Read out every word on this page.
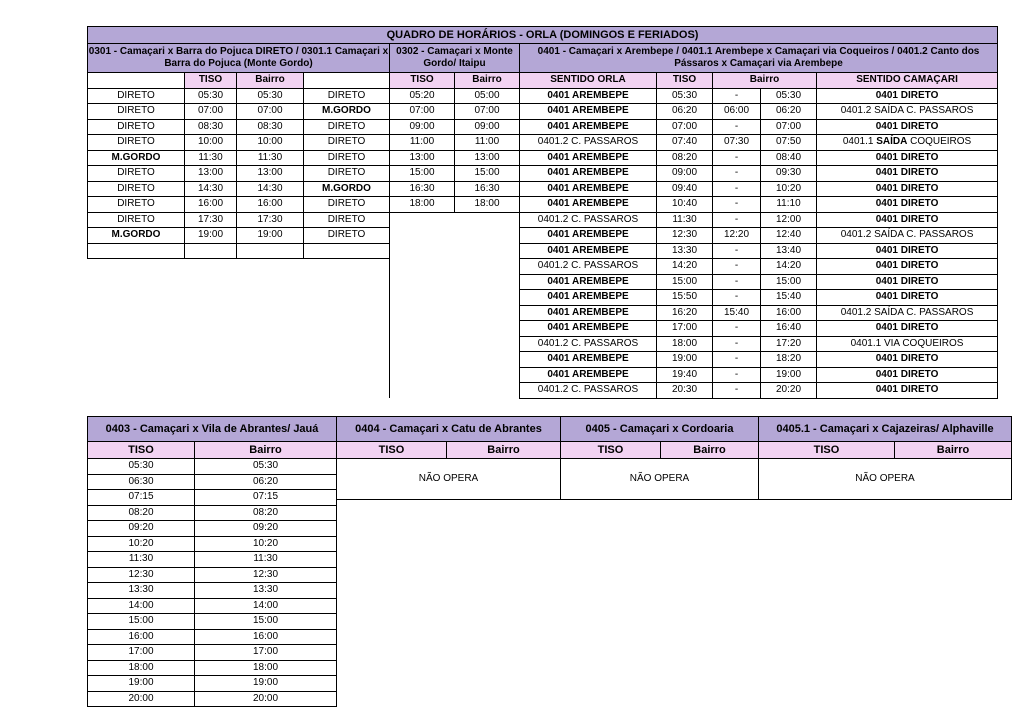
QUADRO DE HORÁRIOS - ORLA (DOMINGOS E FERIADOS)										
0301 - Camaçari x Barra do Pojuca DIRETO / 0301.1 Camaçari x Barra do Pojuca (Monte Gordo)				0302 - Camaçari x Monte Gordo/ Itaipu		0401 - Camaçari x Arembepe / 0401.1 Arembepe x Camaçari via Coqueiros / 0401.2 Canto dos Pássaros x Camaçari via Arembepe				
	TISO	Bairro		TISO	Bairro	SENTIDO ORLA	TISO	Bairro		SENTIDO CAMAÇARI
DIRETO	05:30	05:30	DIRETO	05:20	05:00	0401 AREMBEPE	05:30	-	05:30	0401 DIRETO
DIRETO	07:00	07:00	M.GORDO	07:00	07:00	0401 AREMBEPE	06:20	06:00	06:20	0401.2 SAÍDA C. PASSAROS
DIRETO	08:30	08:30	DIRETO	09:00	09:00	0401 AREMBEPE	07:00	-	07:00	0401 DIRETO
DIRETO	10:00	10:00	DIRETO	11:00	11:00	0401.2 C. PASSAROS	07:40	07:30	07:50	0401.1 SAÍDA COQUEIROS
M.GORDO	11:30	11:30	DIRETO	13:00	13:00	0401 AREMBEPE	08:20	-	08:40	0401 DIRETO
DIRETO	13:00	13:00	DIRETO	15:00	15:00	0401 AREMBEPE	09:00	-	09:30	0401 DIRETO
DIRETO	14:30	14:30	M.GORDO	16:30	16:30	0401 AREMBEPE	09:40	-	10:20	0401 DIRETO
DIRETO	16:00	16:00	DIRETO	18:00	18:00	0401 AREMBEPE	10:40	-	11:10	0401 DIRETO
DIRETO	17:30	17:30	DIRETO			0401.2 C. PASSAROS	11:30	-	12:00	0401 DIRETO
M.GORDO	19:00	19:00	DIRETO			0401 AREMBEPE	12:30	12:20	12:40	0401.2 SAÍDA C. PASSAROS
						0401 AREMBEPE	13:30	-	13:40	0401 DIRETO
						0401.2 C. PASSAROS	14:20	-	14:20	0401 DIRETO
						0401 AREMBEPE	15:00	-	15:00	0401 DIRETO
						0401 AREMBEPE	15:50	-	15:40	0401 DIRETO
						0401 AREMBEPE	16:20	15:40	16:00	0401.2 SAÍDA C. PASSAROS
						0401 AREMBEPE	17:00	-	16:40	0401 DIRETO
						0401.2 C. PASSAROS	18:00	-	17:20	0401.1 VIA COQUEIROS
						0401 AREMBEPE	19:00	-	18:20	0401 DIRETO
						0401 AREMBEPE	19:40	-	19:00	0401 DIRETO
						0401.2 C. PASSAROS	20:30	-	20:20	0401 DIRETO
0403 - Camaçari x Vila de Abrantes/ Jauá	
TISO	Bairro
05:30	05:30
06:30	06:20
07:15	07:15
08:20	08:20
09:20	09:20
10:20	10:20
11:30	11:30
12:30	12:30
13:30	13:30
14:00	14:00
15:00	15:00
16:00	16:00
17:00	17:00
18:00	18:00
19:00	19:00
20:00	20:00
0404 - Camaçari x Catu de Abrantes
TISO	Bairro
NÃO OPERA
0405 - Camaçari x Cordoaria
TISO	Bairro
NÃO OPERA
0405.1 - Camaçari x Cajazeiras/ Alphaville
TISO	Bairro
NÃO OPERA
